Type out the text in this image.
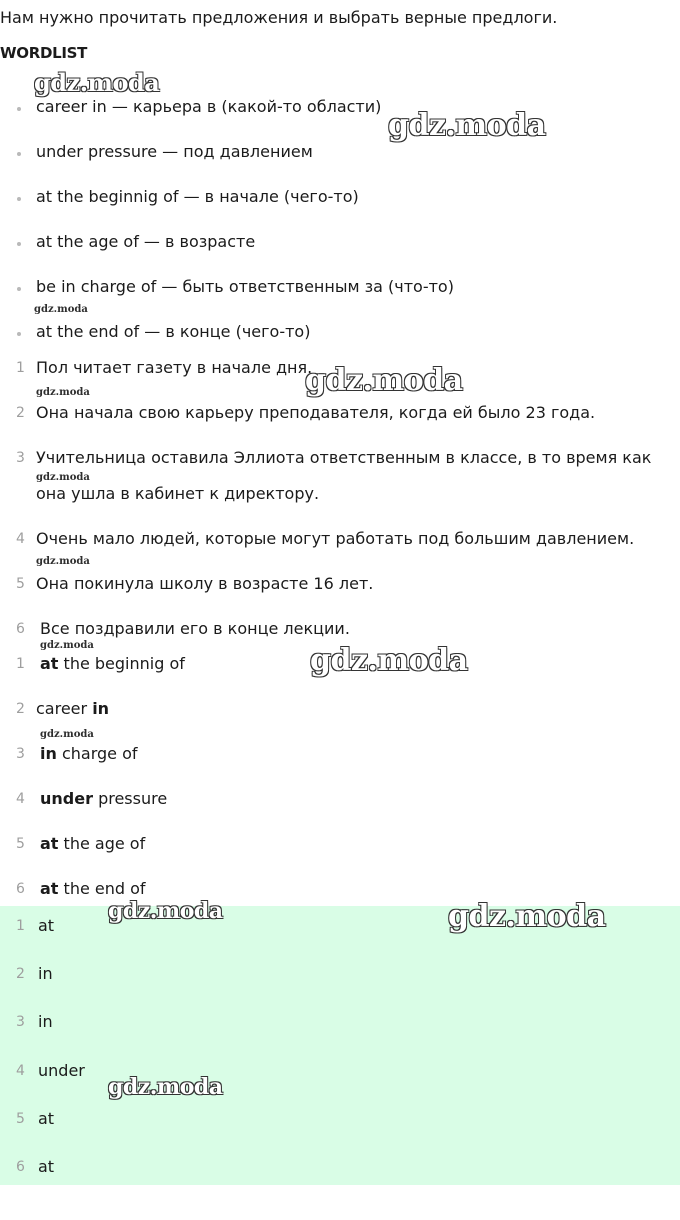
Нам нужно прочитать предложения и выбрать верные предлоги.
WORDLIST
career in — карьера в (какой-то области)
under pressure — под давлением
at the beginnig of — в начале (чего-то)
at the age of — в возрасте
be in charge of — быть ответственным за (что-то)
at the end of — в конце (чего-то)
1 Пол читает газету в начале дня.
2 Она начала свою карьеру преподавателя, когда ей было 23 года.
3 Учительница оставила Эллиота ответственным в классе, в то время как
она ушла в кабинет к директору.
4 Очень мало людей, которые могут работать под большим давлением.
5 Она покинула школу в возрасте 16 лет.
6 Все поздравили его в конце лекции.
1 at the beginnig of
2 career in
3 in charge of
4 under pressure
5 at the age of
6 at the end of
1 at
2 in
3 in
4 under
5 at
6 at
gdz.moda
gdz.moda
gdz.moda
gdz.moda
gdz.moda
gdz.moda
gdz.moda
gdz.moda	gdz.moda
gdz.moda
gdz.moda	gdz.moda
gdz.moda
